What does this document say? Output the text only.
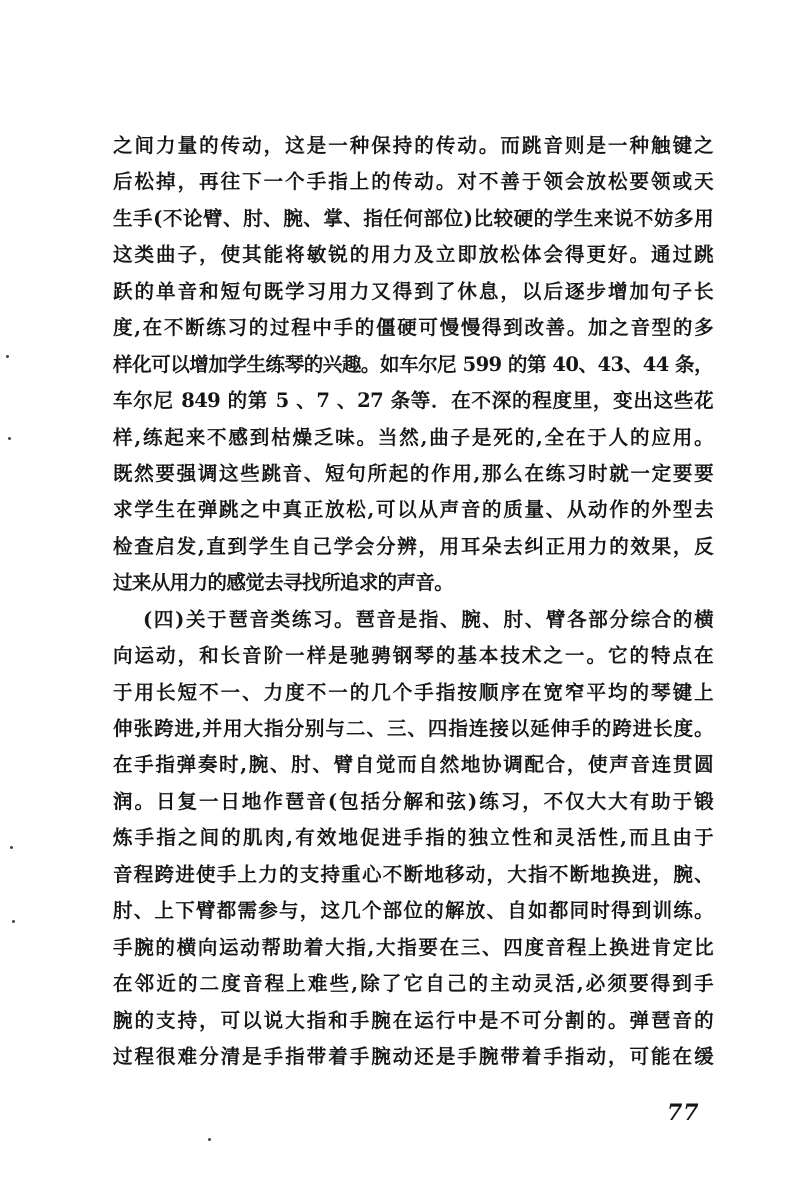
之间力量的传动，这是一种保持的传动。而跳音则是一种触键之
后松掉，再往下一个手指上的传动。对不善于领会放松要领或天
生手(不论臂、肘、腕、掌、指任何部位)比较硬的学生来说不妨多用
这类曲子，使其能将敏锐的用力及立即放松体会得更好。通过跳
跃的单音和短句既学习用力又得到了休息，以后逐步增加句子长
度,在不断练习的过程中手的僵硬可慢慢得到改善。加之音型的多
样化可以增加学生练琴的兴趣。如车尔尼 599 的第 40、43、44 条，
车尔尼 849 的第 5 、7 、27 条等．在不深的程度里，变出这些花
样,练起来不感到枯燥乏味。当然,曲子是死的,全在于人的应用。
既然要强调这些跳音、短句所起的作用,那么在练习时就一定要要
求学生在弹跳之中真正放松,可以从声音的质量、从动作的外型去
检查启发,直到学生自己学会分辨，用耳朵去纠正用力的效果，反
过来从用力的感觉去寻找所追求的声音。
(四)关于琶音类练习。琶音是指、腕、肘、臂各部分综合的横
向运动，和长音阶一样是驰骋钢琴的基本技术之一。它的特点在
于用长短不一、力度不一的几个手指按顺序在宽窄平均的琴键上
伸张跨进,并用大指分别与二、三、四指连接以延伸手的跨进长度。
在手指弹奏时,腕、肘、臂自觉而自然地协调配合，使声音连贯圆
润。日复一日地作琶音(包括分解和弦)练习，不仅大大有助于锻
炼手指之间的肌肉,有效地促进手指的独立性和灵活性,而且由于
音程跨进使手上力的支持重心不断地移动，大指不断地换进，腕、
肘、上下臂都需参与，这几个部位的解放、自如都同时得到训练。
手腕的横向运动帮助着大指,大指要在三、四度音程上换进肯定比
在邻近的二度音程上难些,除了它自己的主动灵活,必须要得到手
腕的支持，可以说大指和手腕在运行中是不可分割的。弹琶音的
过程很难分清是手指带着手腕动还是手腕带着手指动，可能在缓
77
